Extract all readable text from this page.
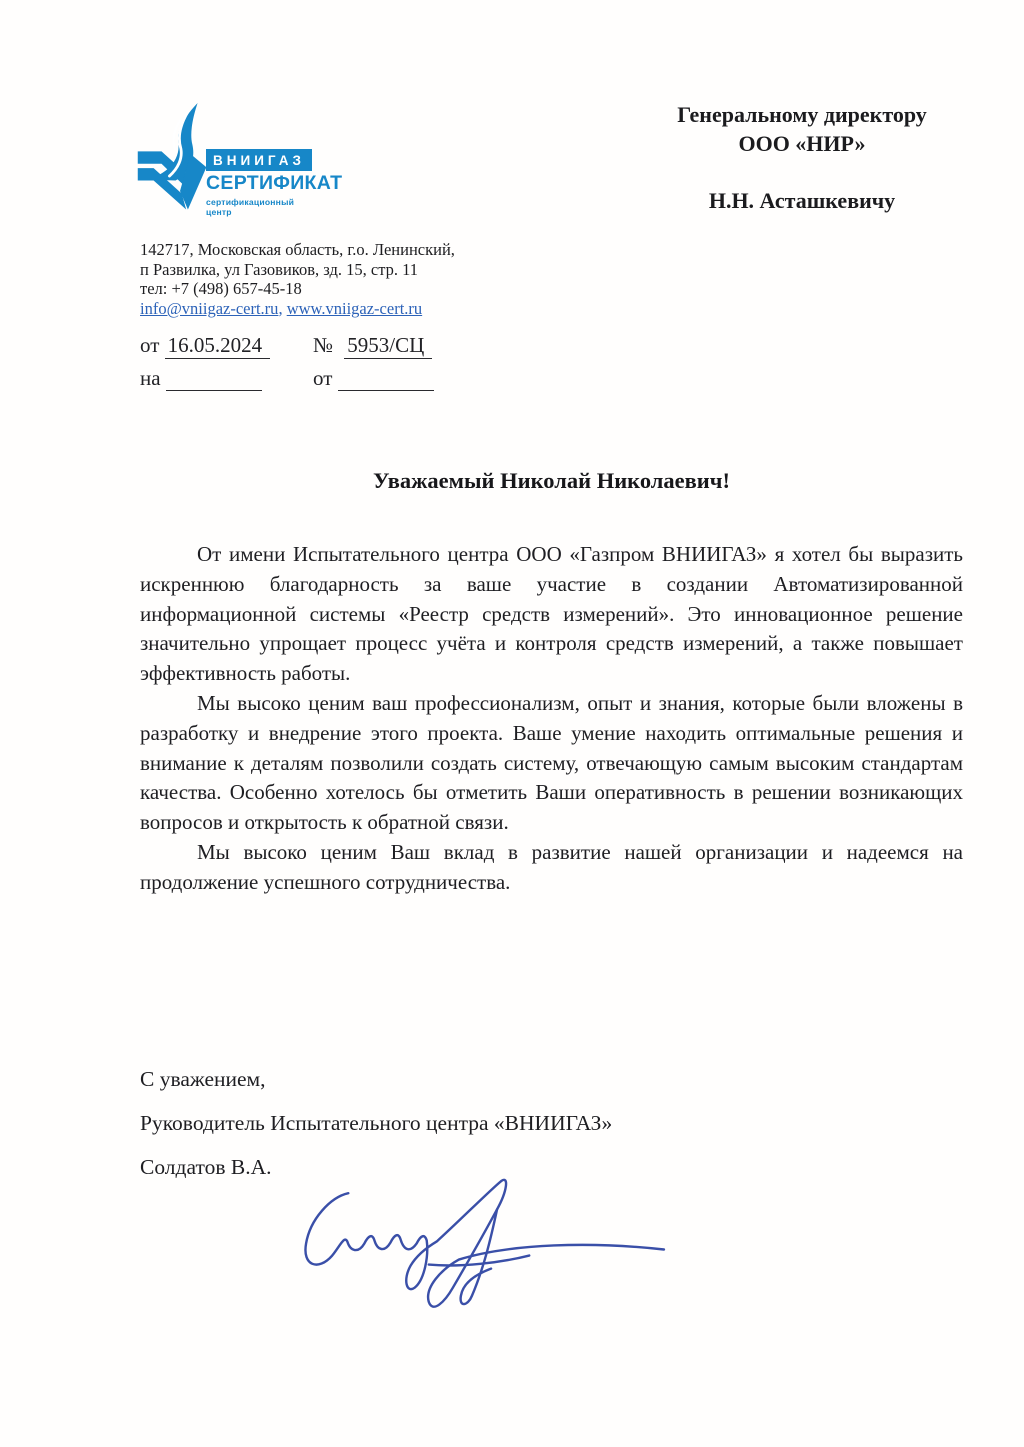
ВНИИГАЗ
СЕРТИФИКАТ
сертификационный центр
Генеральному директору
ООО «НИР»
Н.Н. Асташкевичу
142717, Московская область, г.о. Ленинский,
п Развилка, ул Газовиков, зд. 15, стр. 11
тел: +7 (498) 657-45-18
info@vniigaz-cert.ru, www.vniigaz-cert.ru
от 16.05.2024	№ 5953/СЦ
на	от
Уважаемый Николай Николаевич!

От имени Испытательного центра ООО «Газпром ВНИИГАЗ» я хотел бы выразить искреннюю благодарность за ваше участие в создании Автоматизированной информационной системы «Реестр средств измерений». Это инновационное решение значительно упрощает процесс учёта и контроля средств измерений, а также повышает эффективность работы.

Мы высоко ценим ваш профессионализм, опыт и знания, которые были вложены в разработку и внедрение этого проекта. Ваше умение находить оптимальные решения и внимание к деталям позволили создать систему, отвечающую самым высоким стандартам качества. Особенно хотелось бы отметить Ваши оперативность в решении возникающих вопросов и открытость к обратной связи.

Мы высоко ценим Ваш вклад в развитие нашей организации и надеемся на продолжение успешного сотрудничества.

С уважением,

Руководитель Испытательного центра «ВНИИГАЗ»

Солдатов В.А.
